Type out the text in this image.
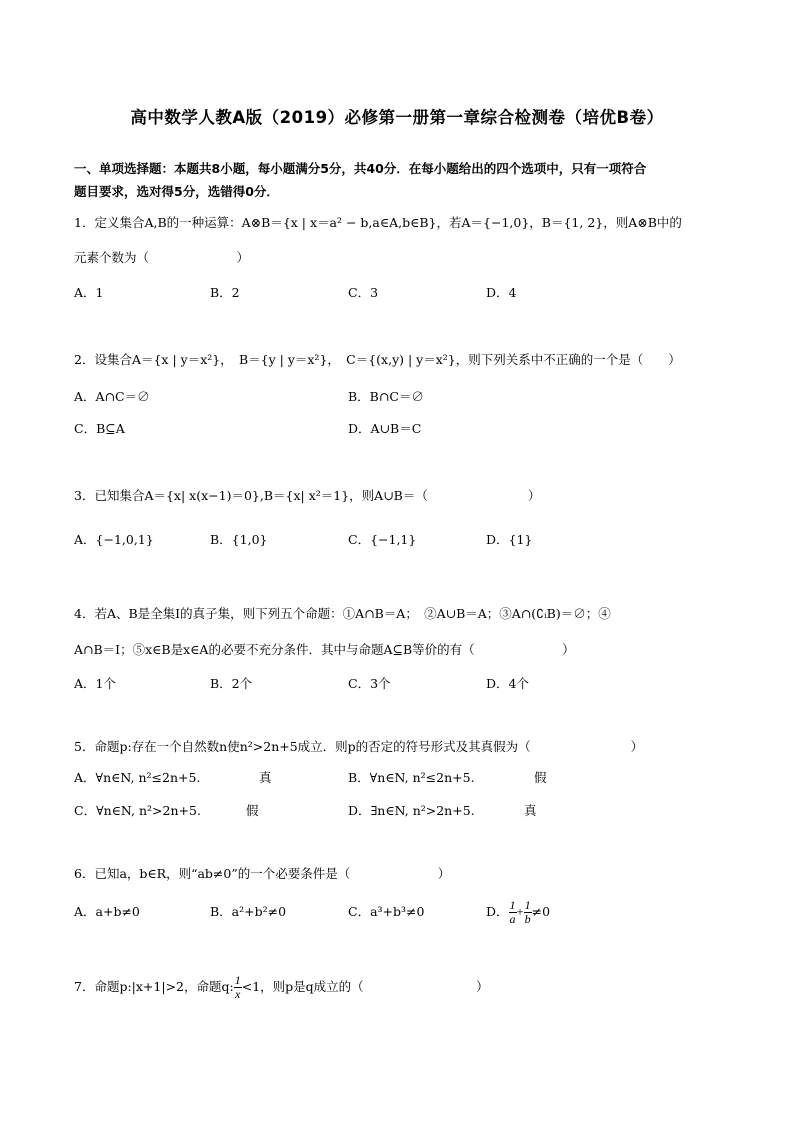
高中数学人教A版（2019）必修第一册第一章综合检测卷（培优B卷）
一、单项选择题：本题共8小题，每小题满分5分，共40分．在每小题给出的四个选项中，只有一项符合
题目要求，选对得5分，选错得0分．
1．定义集合A,B的一种运算：A⊗B＝{x | x＝a² − b,a∈A,b∈B}，若A＝{−1,0}，B＝{1, 2}，则A⊗B中的
元素个数为（　　　　　　　）
A．1	B．2	C．3	D．4
2．设集合A＝{x | y＝x²}，　B＝{y | y＝x²}，　C＝{(x,y) | y＝x²}，则下列关系中不正确的一个是（　　）
A．A∩C＝∅	B．B∩C＝∅
C．B⊆A	D．A∪B＝C
3．已知集合A＝{x| x(x−1)＝0},B＝{x| x²＝1}，则A∪B＝（　　　　　　　　）
A．{−1,0,1}	B．{1,0}	C．{−1,1}	D．{1}
4．若A、B是全集I的真子集，则下列五个命题：①A∩B＝A；　②A∪B＝A；③A∩(∁ᵢB)＝∅；④
A∩B＝I；⑤x∈B是x∈A的必要不充分条件．其中与命题A⊆B等价的有（　　　　　　　）
A．1个	B．2个	C．3个	D．4个
5．命题p:存在一个自然数n使n²>2n+5成立．则p的否定的符号形式及其真假为（　　　　　　　　）
A．∀n∈N, n²≤2n+5.	真	B．∀n∈N, n²≤2n+5.	假
C．∀n∈N, n²>2n+5.	假	D．∃n∈N, n²>2n+5.	真
6．已知a，b∈R，则“ab≠0”的一个必要条件是（　　　　　　　）
A．a+b≠0	B．a²+b²≠0	C．a³+b³≠0	D． $\frac{1}{a} + \frac{1}{b} \ne 0$
7．命题p:|x+1|>2，命题q: $\frac{1}{x} <1$，则p是q成立的（　　　　　　　　　）
